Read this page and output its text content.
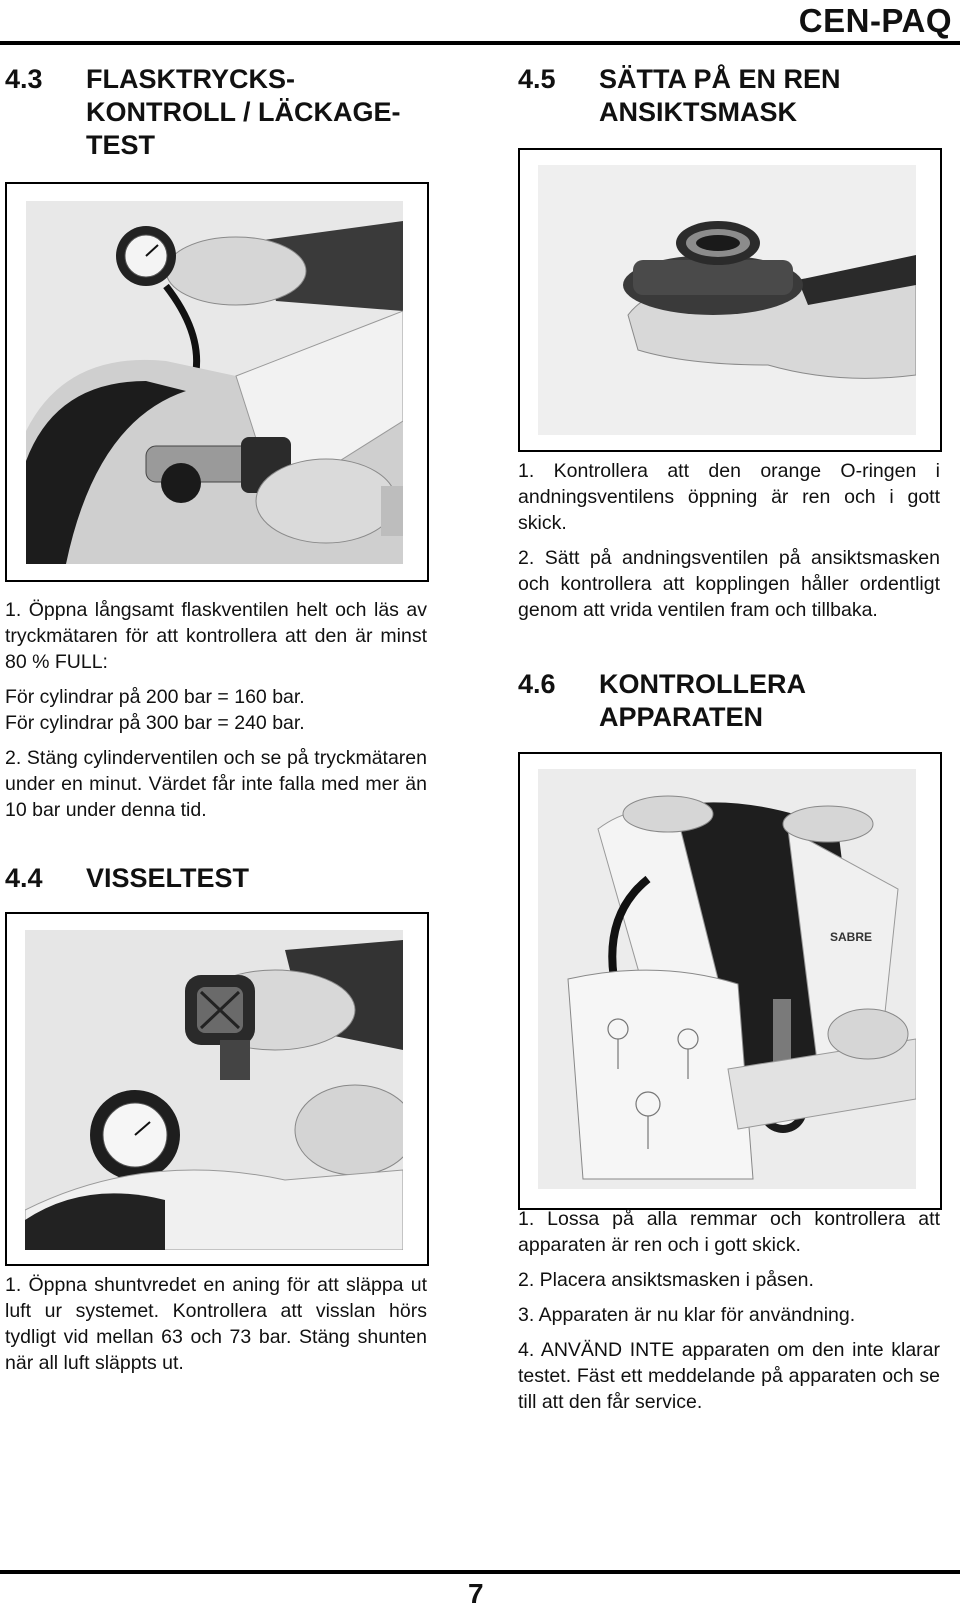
CEN-PAQ
4.3 FLASKTRYCKS-
KONTROLL / LÄCKAGE-
TEST

1. Öppna långsamt flaskventilen helt och läs av tryckmätaren för att kontrollera att den är minst 80 % FULL:

För cylindrar på 200 bar = 160 bar.

För cylindrar på 300 bar = 240 bar.

2. Stäng cylinderventilen och se på tryckmätaren under en minut. Värdet får inte falla med mer än 10 bar under denna tid.

4.4 VISSELTEST

1. Öppna shuntvredet en aning för att släppa ut luft ur systemet. Kontrollera att visslan hörs tydligt vid mellan 63 och 73 bar. Stäng shunten när all luft släppts ut.

4.5 SÄTTA PÅ EN REN
ANSIKTSMASK

1. Kontrollera att den orange O-ringen i andningsventilens öppning är ren och i gott skick.

2. Sätt på andningsventilen på ansiktsmasken och kontrollera att kopplingen håller ordentligt genom att vrida ventilen fram och tillbaka.

4.6 KONTROLLERA
APPARATEN
SABRE

1. Lossa på alla remmar och kontrollera att apparaten är ren och i gott skick.

2. Placera ansiktsmasken i påsen.

3. Apparaten är nu klar för användning.

4. ANVÄND INTE apparaten om den inte klarar testet. Fäst ett meddelande på apparaten och se till att den får service.

7
